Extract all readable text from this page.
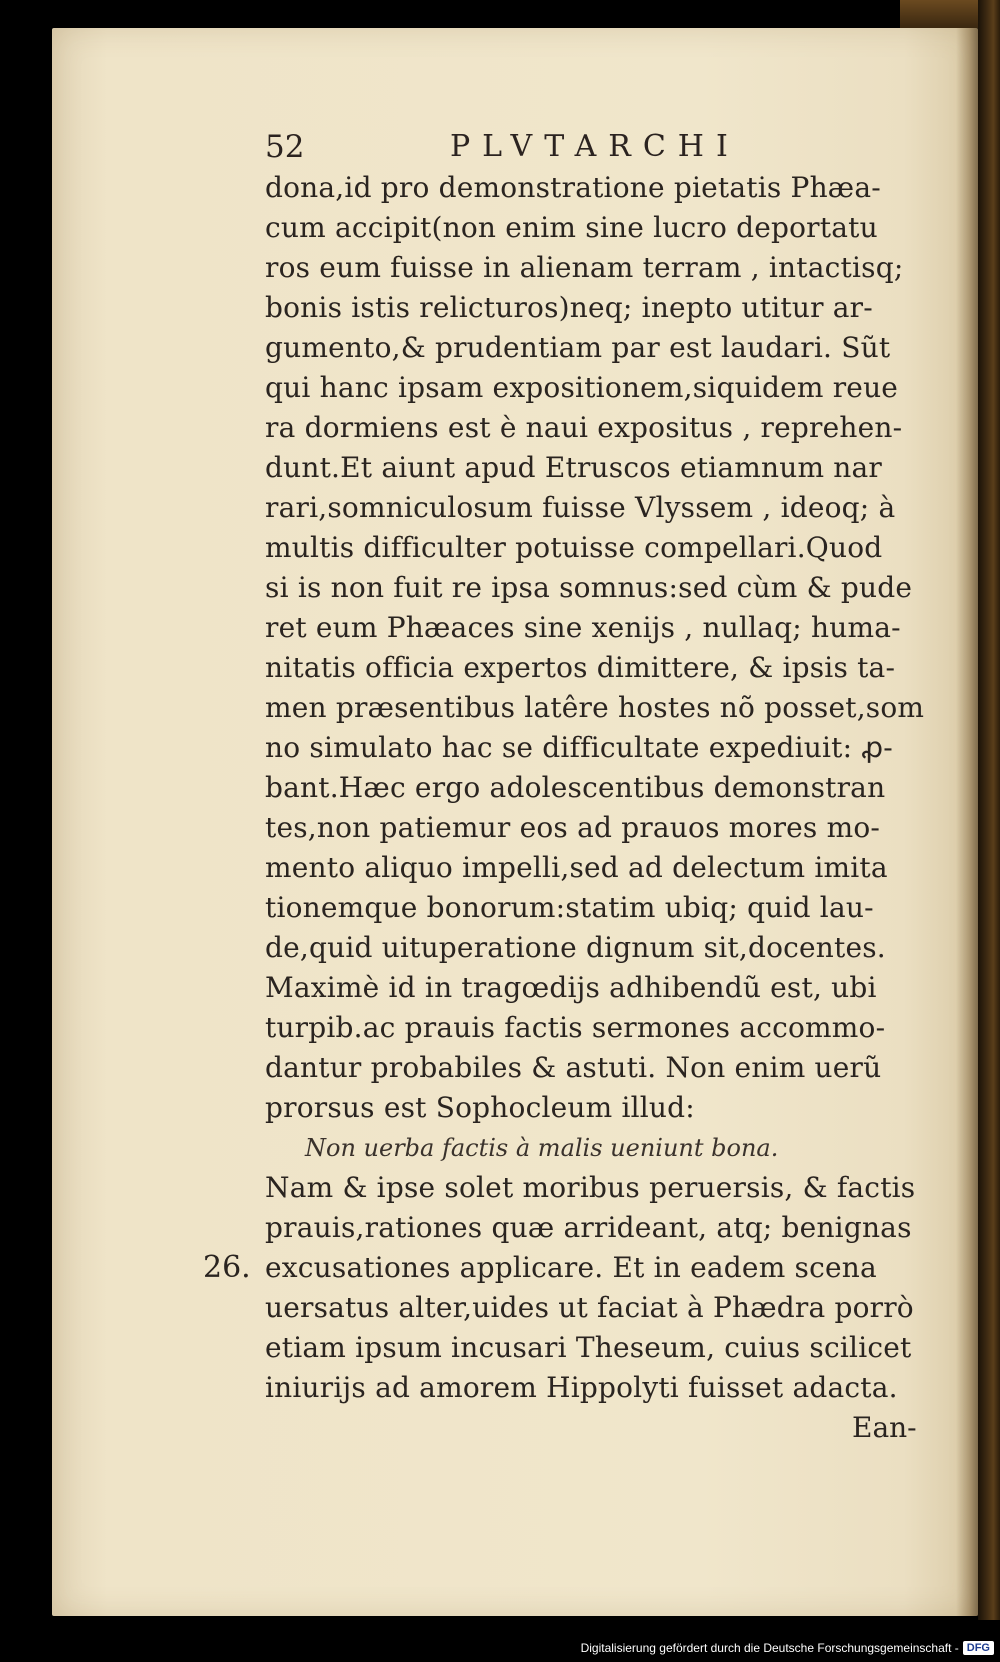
52	PLVTARCHI
dona,id pro demonstratione pietatis Phæa-
cum accipit(non enim sine lucro deportatu
ros eum fuisse in alienam terram , intactisq;
bonis istis relicturos)neq; inepto utitur ar-
gumento,& prudentiam par est laudari. Sũt
qui hanc ipsam expositionem,siquidem reue
ra dormiens est è naui expositus , reprehen-
dunt.Et aiunt apud Etruscos etiamnum nar
rari,somniculosum fuisse Vlyssem , ideoq; à
multis difficulter potuisse compellari.Quod
si is non fuit re ipsa somnus:sed cùm & pude
ret eum Phæaces sine xenijs , nullaq; huma-
nitatis officia expertos dimittere, & ipsis ta-
men præsentibus latêre hostes nõ posset,som
no simulato hac se difficultate expediuit: ꝓ-
bant.Hæc ergo adolescentibus demonstran
tes,non patiemur eos ad prauos mores mo-
mento aliquo impelli,sed ad delectum imita
tionemque bonorum:statim ubiq; quid lau-
de,quid uituperatione dignum sit,docentes.
Maximè id in tragœdijs adhibendũ est, ubi
turpib.ac prauis factis sermones accommo-
dantur probabiles & astuti. Non enim uerũ
prorsus est Sophocleum illud:
Non uerba factis à malis ueniunt bona.
Nam & ipse solet moribus peruersis, & factis
prauis,rationes quæ arrideant, atq; benignas
excusationes applicare. Et in eadem scena
uersatus alter,uides ut faciat à Phædra porrò
etiam ipsum incusari Theseum, cuius scilicet
iniurijs ad amorem Hippolyti fuisset adacta.
26.
Ean-
Digitalisierung gefördert durch die Deutsche Forschungsgemeinschaft - DFG
